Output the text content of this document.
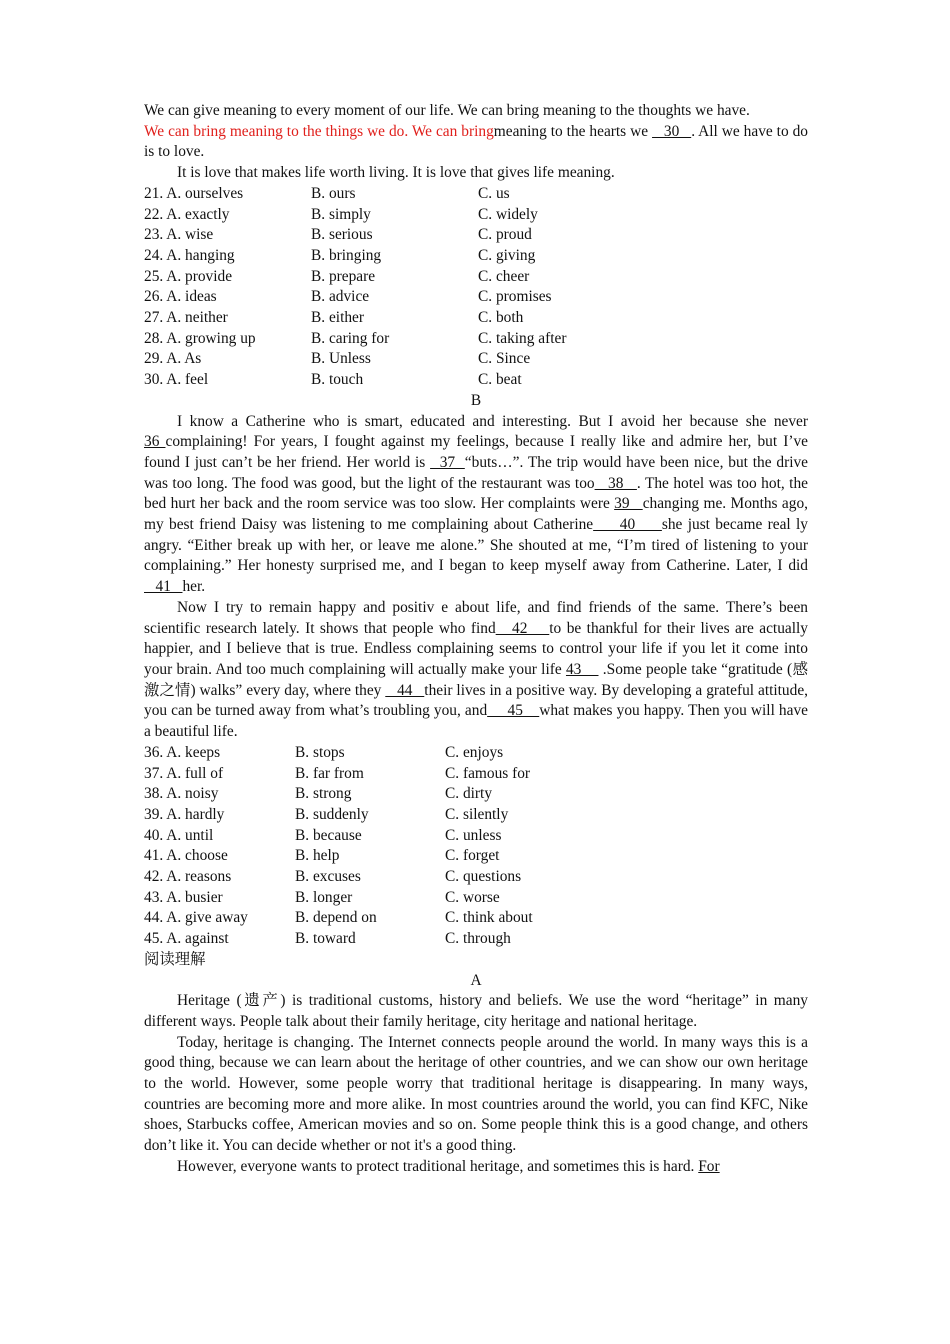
We can give meaning to every moment of our life. We can bring meaning to the thoughts we have.
We can bring meaning to the things we do. We can bringmeaning to the hearts we    30   . All we have to do is to love.

It is love that makes life worth living. It is love that gives life meaning.

21. A. ourselves	B. ours	C. us
22. A. exactly	B. simply	C. widely
23. A. wise	B. serious	C. proud
24. A. hanging	B. bringing	C. giving
25. A. provide	B. prepare	C. cheer
26. A. ideas	B. advice	C. promises
27. A. neither	B. either	C. both
28. A. growing up	B. caring for	C. taking after
29. A. As	B. Unless	C. Since
30. A. feel	B. touch	C. beat

B

I know a Catherine who is smart, educated and interesting. But I avoid her because she never 36 complaining! For years, I fought against my feelings, because I really like and admire her, but I’ve found I just can’t be her friend. Her world is   37  “buts…”. The trip would have been nice, but the drive was too long. The food was good, but the light of the restaurant was too   38   . The hotel was too hot, the bed hurt her back and the room service was too slow. Her complaints were 39   changing me. Months ago, my best friend Daisy was listening to me complaining about Catherine     40     she just became real ly angry. “Either break up with her, or leave me alone.” She shouted at me, “I’m tired of listening to your complaining.” Her honesty surprised me, and I began to keep myself away from Catherine. Later, I did   41   her.

Now I try to remain happy and positiv e about life, and find friends of the same. There’s been scientific research lately. It shows that people who find   42    to be thankful for their lives are actually happier, and I believe that is true. Endless complaining seems to control your life if you let it come into your brain. And too much complaining will actually make your life 43     .Some people take “gratitude (感激之情) walks” every day, where they    44   their lives in a positive way. By developing a grateful attitude, you can be turned away from what’s troubling you, and     45    what makes you happy. Then you will have a beautiful life.

36. A. keeps	B. stops	C. enjoys
37. A. full of	B. far from	C. famous for
38. A. noisy	B. strong	C. dirty
39. A. hardly	B. suddenly	C. silently
40. A. until	B. because	C. unless
41. A. choose	B. help	C. forget
42. A. reasons	B. excuses	C. questions
43. A. busier	B. longer	C. worse
44. A. give away	B. depend on	C. think about
45. A. against	B. toward	C. through

阅读理解

A

Heritage (遗产) is traditional customs, history and beliefs. We use the word “heritage” in many different ways. People talk about their family heritage, city heritage and national heritage.

Today, heritage is changing. The Internet connects people around the world. In many ways this is a good thing, because we can learn about the heritage of other countries, and we can show our own heritage to the world. However, some people worry that traditional heritage is disappearing. In many ways, countries are becoming more and more alike. In most countries around the world, you can find KFC, Nike shoes, Starbucks coffee, American movies and so on. Some people think this is a good change, and others don’t like it. You can decide whether or not it's a good thing.

However, everyone wants to protect traditional heritage, and sometimes this is hard. For
